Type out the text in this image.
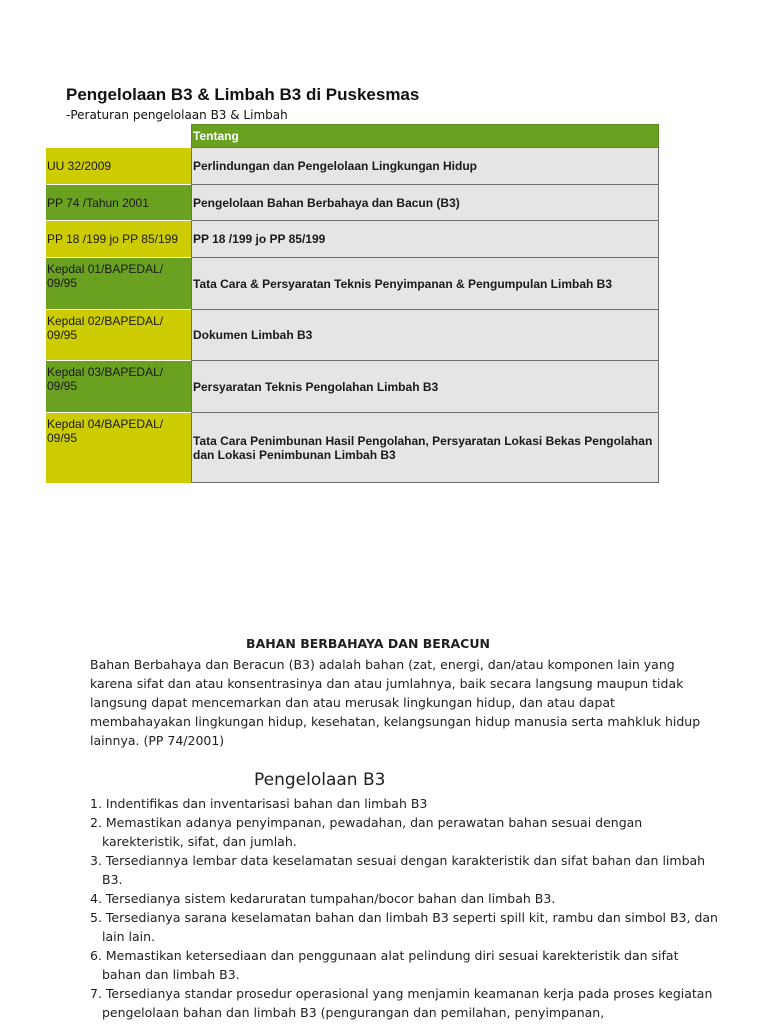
Pengelolaan B3 & Limbah B3 di Puskesmas
-Peraturan pengelolaan B3 & Limbah
	Tentang
UU 32/2009	Perlindungan dan Pengelolaan Lingkungan Hidup
PP 74 /Tahun 2001	Pengelolaan Bahan Berbahaya dan Bacun (B3)
PP 18 /199 jo PP 85/199	PP 18 /199 jo PP 85/199
Kepdal 01/BAPEDAL/ 09/95	Tata Cara & Persyaratan Teknis Penyimpanan & Pengumpulan Limbah B3
Kepdal 02/BAPEDAL/ 09/95	Dokumen Limbah B3
Kepdal 03/BAPEDAL/ 09/95	Persyaratan Teknis Pengolahan Limbah B3
Kepdal 04/BAPEDAL/ 09/95	Tata Cara Penimbunan Hasil Pengolahan, Persyaratan Lokasi Bekas Pengolahan dan Lokasi Penimbunan Limbah B3
BAHAN BERBAHAYA DAN BERACUN
Bahan Berbahaya dan Beracun (B3) adalah bahan (zat, energi, dan/atau komponen lain yang karena sifat dan atau konsentrasinya dan atau jumlahnya, baik secara langsung maupun tidak langsung dapat mencemarkan dan atau merusak lingkungan hidup, dan atau dapat membahayakan lingkungan hidup, kesehatan, kelangsungan hidup manusia serta mahkluk hidup lainnya. (PP 74/2001)
Pengelolaan B3
1. Indentifikas dan inventarisasi bahan dan limbah B3
2. Memastikan adanya penyimpanan, pewadahan, dan perawatan bahan sesuai dengan karekteristik, sifat, dan jumlah.
3. Tersediannya lembar data keselamatan sesuai dengan karakteristik dan sifat bahan dan limbah B3.
4. Tersedianya sistem kedaruratan tumpahan/bocor bahan dan limbah B3.
5. Tersedianya sarana keselamatan bahan dan limbah B3 seperti spill kit, rambu dan simbol B3, dan lain lain.
6. Memastikan ketersediaan dan penggunaan alat pelindung diri sesuai karekteristik dan sifat bahan dan limbah B3.
7. Tersedianya standar prosedur operasional yang menjamin keamanan kerja pada proses kegiatan pengelolaan bahan dan limbah B3 (pengurangan dan pemilahan, penyimpanan,
